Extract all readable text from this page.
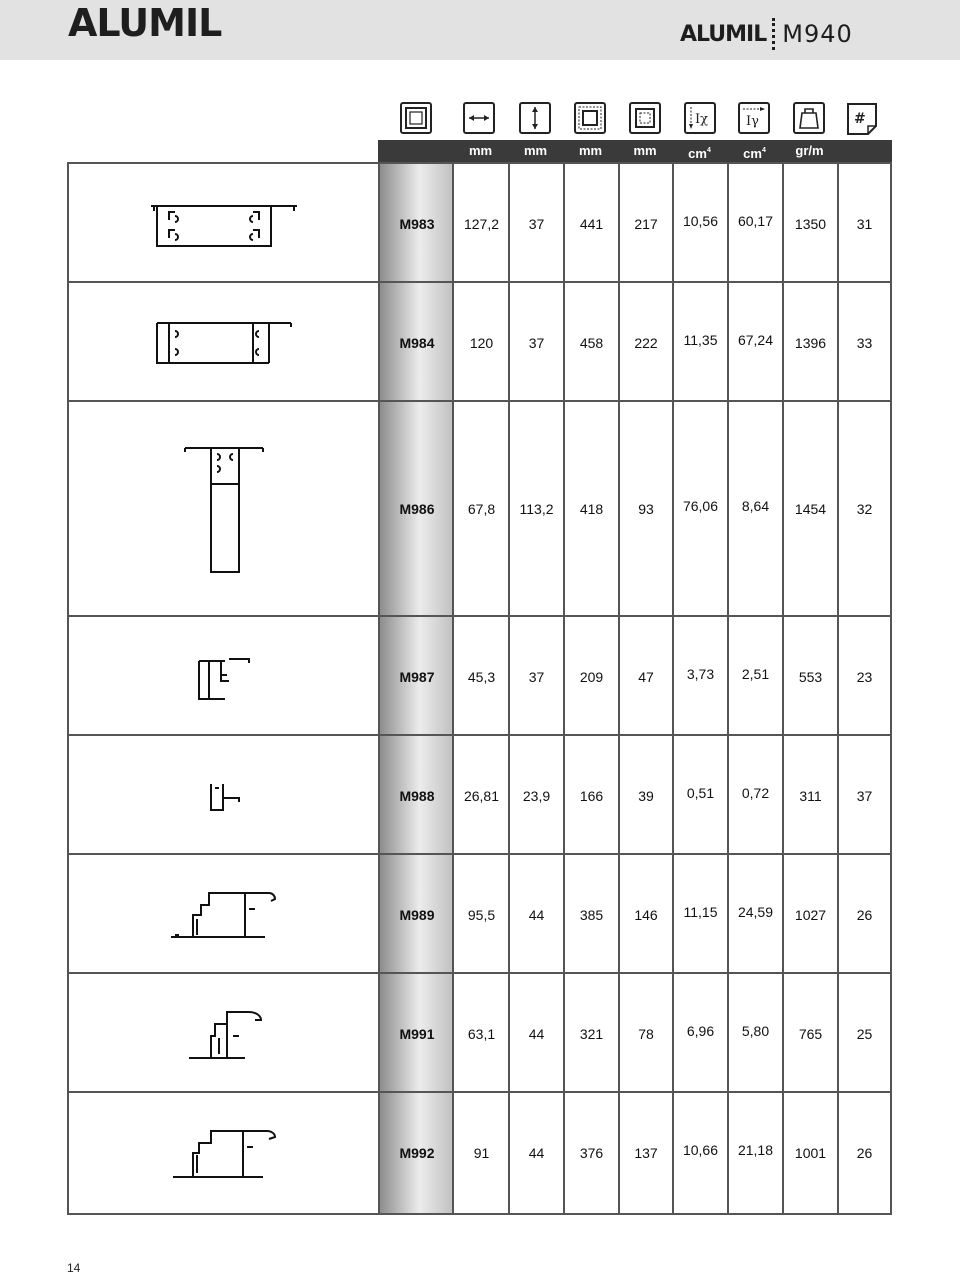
ALUMIL	ALUMIL M940
Iχ	Iγ	#
mm	mm	mm	mm	$cm^4$	$cm^4$	gr/m
M983	127,2	37	441	217	10,56	60,17	1350	31
M984	120	37	458	222	11,35	67,24	1396	33
M986	67,8	113,2	418	93	76,06	8,64	1454	32
M987	45,3	37	209	47	3,73	2,51	553	23
M988	26,81	23,9	166	39	0,51	0,72	311	37
M989	95,5	44	385	146	11,15	24,59	1027	26
M991	63,1	44	321	78	6,96	5,80	765	25
M992	91	44	376	137	10,66	21,18	1001	26
14
